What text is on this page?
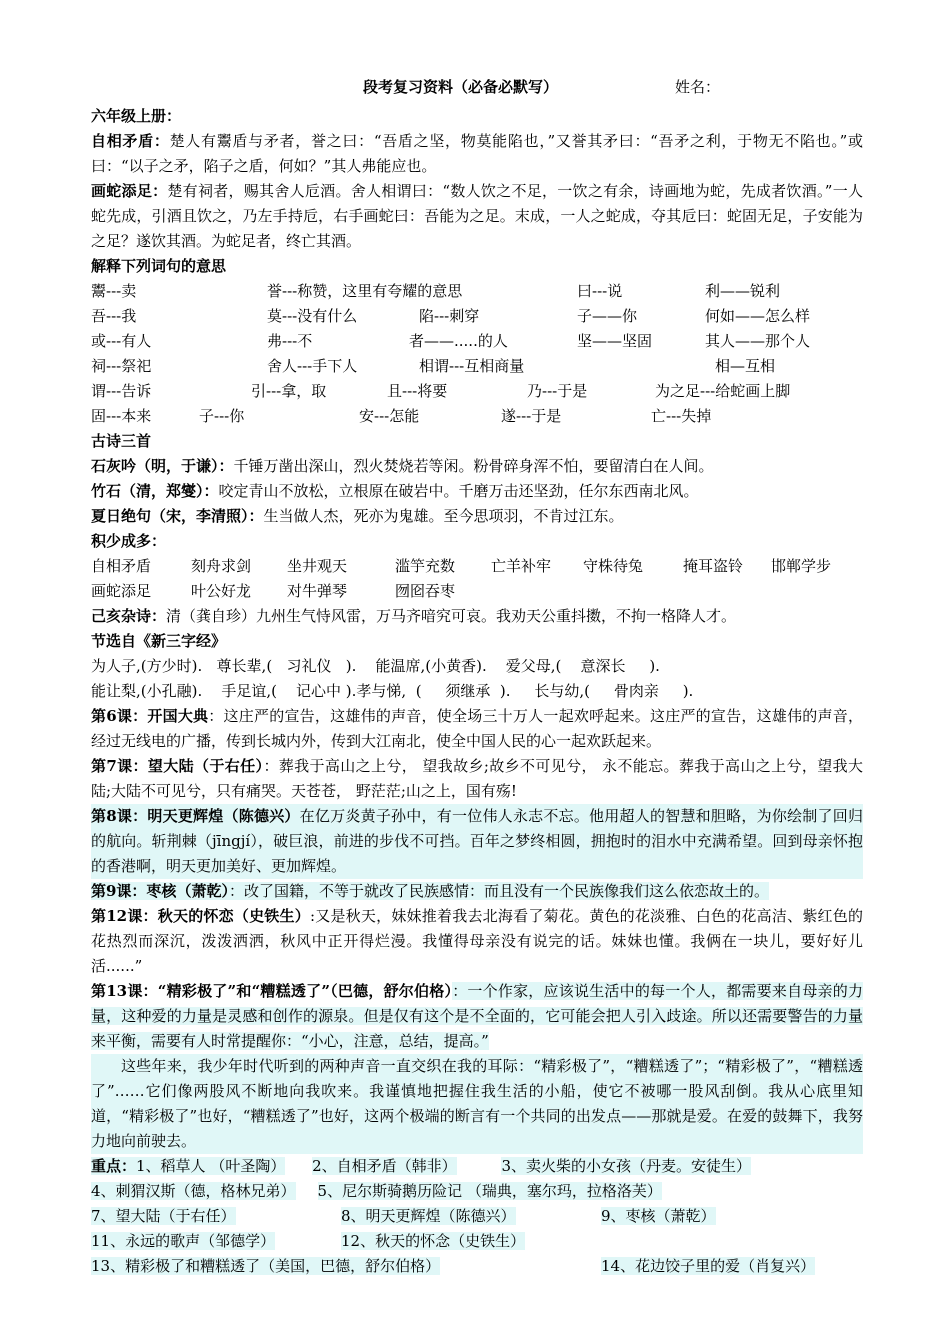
段考复习资料（必备必默写）	姓名：
六年级上册：
自相矛盾：楚人有鬻盾与矛者，誉之曰：“吾盾之坚，物莫能陷也，”又誉其矛曰：“吾矛之利，于物无不陷也。”或曰：“以子之矛，陷子之盾，何如？”其人弗能应也。
画蛇添足：楚有祠者，赐其舍人卮酒。舍人相谓曰：“数人饮之不足，一饮之有余，诗画地为蛇，先成者饮酒。”一人蛇先成，引酒且饮之，乃左手持卮，右手画蛇曰：吾能为之足。末成，一人之蛇成，夺其卮曰：蛇固无足，子安能为之足？遂饮其酒。为蛇足者，终亡其酒。
解释下列词句的意思
鬻---卖	誉---称赞，这里有夸耀的意思	曰---说	利——锐利
吾---我	莫---没有什么	陷---刺穿	子——你	何如——怎么样
或---有人	弗---不	者——.....的人	坚——坚固	其人——那个人
祠---祭祀	舍人---手下人	相谓---互相商量	相—互相
谓---告诉	引---拿，取	且---将要	乃---于是	为之足---给蛇画上脚
固---本来	子---你	安---怎能	遂---于是	亡---失掉
古诗三首
石灰吟（明，于谦）：千锤万凿出深山，烈火焚烧若等闲。粉骨碎身浑不怕，要留清白在人间。
竹石（清，郑燮）：咬定青山不放松，立根原在破岩中。千磨万击还坚劲，任尔东西南北风。
夏日绝句（宋，李清照）：生当做人杰，死亦为鬼雄。至今思项羽，不肯过江东。
积少成多：
自相矛盾	刻舟求剑	坐井观天	滥竽充数	亡羊补牢	守株待兔	掩耳盗铃	邯郸学步
画蛇添足	叶公好龙	对牛弹琴	囫囵吞枣
己亥杂诗：清（龚自珍）九州生气恃风雷，万马齐喑究可哀。我劝天公重抖擞，不拘一格降人才。
节选自《新三字经》
为人子,(方少时).   尊长辈,(   习礼仪   ).    能温席,(小黄香).    爱父母,(    意深长     ).
能让梨,(小孔融).    手足谊,(    记心中 ).孝与悌,  (     须继承  ).     长与幼,(     骨肉亲     ).
第6课：开国大典：这庄严的宣告，这雄伟的声音，使全场三十万人一起欢呼起来。这庄严的宣告，这雄伟的声音，经过无线电的广播，传到长城内外，传到大江南北，使全中国人民的心一起欢跃起来。
第7课：望大陆（于右任）：葬我于高山之上兮， 望我故乡;故乡不可见兮， 永不能忘。葬我于高山之上兮，望我大陆;大陆不可见兮，只有痛哭。天苍苍， 野茫茫;山之上，国有殇!
第8课：明天更辉煌（陈德兴）在亿万炎黄子孙中，有一位伟人永志不忘。他用超人的智慧和胆略，为你绘制了回归的航向。斩荆棘（jīngjí），破巨浪，前进的步伐不可挡。百年之梦终相圆，拥抱时的泪水中充满希望。回到母亲怀抱的香港啊，明天更加美好、更加辉煌。
第9课：枣核（萧乾）：改了国籍，不等于就改了民族感情：而且没有一个民族像我们这么依恋故土的。
第12课：秋天的怀恋（史铁生）:又是秋天，妹妹推着我去北海看了菊花。黄色的花淡雅、白色的花高洁、紫红色的花热烈而深沉，泼泼洒洒，秋风中正开得烂漫。我懂得母亲没有说完的话。妹妹也懂。我俩在一块儿，要好好儿活......”
第13课：“精彩极了”和“糟糕透了”（巴德，舒尔伯格）：一个作家，应该说生活中的每一个人，都需要来自母亲的力量，这种爱的力量是灵感和创作的源泉。但是仅有这个是不全面的，它可能会把人引入歧途。所以还需要警告的力量来平衡，需要有人时常提醒你：“小心，注意，总结，提高。”
这些年来，我少年时代听到的两种声音一直交织在我的耳际：“精彩极了”，“糟糕透了”；“精彩极了”，“糟糕透了”……它们像两股风不断地向我吹来。我谨慎地把握住我生活的小船，使它不被哪一股风刮倒。我从心底里知道，“精彩极了”也好，“糟糕透了”也好，这两个极端的断言有一个共同的出发点——那就是爱。在爱的鼓舞下，我努力地向前驶去。
重点：1、稻草人 （叶圣陶） 2、自相矛盾（韩非）	3、卖火柴的小女孩（丹麦。安徒生）
4、刺猬汉斯（德，格林兄弟） 5、尼尔斯骑鹅历险记 （瑞典，塞尔玛，拉格洛芙）
7、望大陆（于右任）	8、明天更辉煌（陈德兴）	9、枣核（萧乾）
11、永远的歌声（邹德学）	12、秋天的怀念（史铁生）
13、精彩极了和糟糕透了（美国，巴德，舒尔伯格）	14、花边饺子里的爱（肖复兴）
